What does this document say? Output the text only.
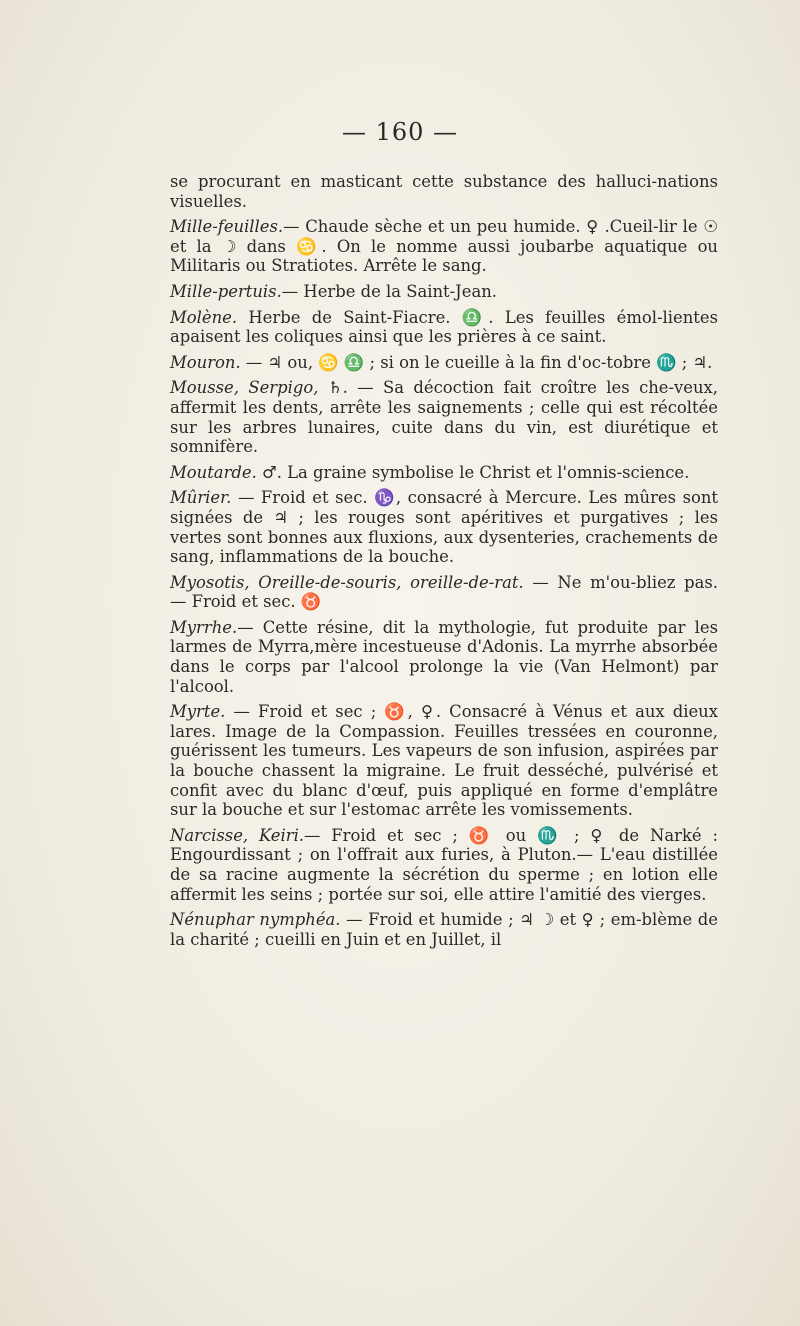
— 160 —

se procurant en masticant cette substance des halluci-nations visuelles.

Mille-feuilles.— Chaude sèche et un peu humide. ♀ .Cueil-lir le ☉ et la ☽ dans ♋. On le nomme aussi joubarbe aquatique ou Militaris ou Stratiotes. Arrête le sang.

Mille-pertuis.— Herbe de la Saint-Jean.

Molène. Herbe de Saint-Fiacre. ♎. Les feuilles émol-lientes apaisent les coliques ainsi que les prières à ce saint.

Mouron. — ♃ ou, ♋ ♎ ; si on le cueille à la fin d'oc-tobre ♏ ; ♃.

Mousse, Serpigo, ♄. — Sa décoction fait croître les che-veux, affermit les dents, arrête les saignements ; celle qui est récoltée sur les arbres lunaires, cuite dans du vin, est diurétique et somnifère.

Moutarde. ♂. La graine symbolise le Christ et l'omnis-science.

Mûrier. — Froid et sec. ♑, consacré à Mercure. Les mûres sont signées de ♃ ; les rouges sont apéritives et purgatives ; les vertes sont bonnes aux fluxions, aux dysenteries, crachements de sang, inflammations de la bouche.

Myosotis, Oreille-de-souris, oreille-de-rat. — Ne m'ou-bliez pas. — Froid et sec. ♉

Myrrhe.— Cette résine, dit la mythologie, fut produite par les larmes de Myrra,mère incestueuse d'Adonis. La myrrhe absorbée dans le corps par l'alcool prolonge la vie (Van Helmont) par l'alcool.

Myrte. — Froid et sec ; ♉, ♀. Consacré à Vénus et aux dieux lares. Image de la Compassion. Feuilles tressées en couronne, guérissent les tumeurs. Les vapeurs de son infusion, aspirées par la bouche chassent la migraine. Le fruit desséché, pulvérisé et confit avec du blanc d'œuf, puis appliqué en forme d'emplâtre sur la bouche et sur l'estomac arrête les vomissements.

Narcisse, Keiri.— Froid et sec ; ♉ ou ♏ ; ♀ de Narké : Engourdissant ; on l'offrait aux furies, à Pluton.— L'eau distillée de sa racine augmente la sécrétion du sperme ; en lotion elle affermit les seins ; portée sur soi, elle attire l'amitié des vierges.

Nénuphar nymphéa. — Froid et humide ; ♃ ☽ et ♀ ; em-blème de la charité ; cueilli en Juin et en Juillet, il
